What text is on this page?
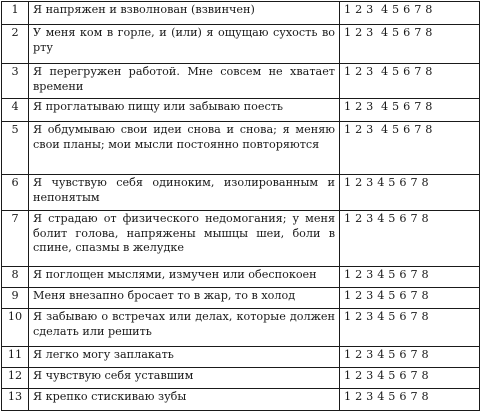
1	Я напряжен и взволнован (взвинчен)	1 2 3  4 5 6 7 8
2	У меня ком в горле, и (или) я ощущаю сухость во рту	1 2 3  4 5 6 7 8
3	Я перегружен работой. Мне совсем не хватает времени	1 2 3  4 5 6 7 8
4	Я проглатываю пищу или забываю поесть	1 2 3  4 5 6 7 8
5	Я обдумываю свои идеи снова и снова; я меняю свои планы; мои мысли постоянно повторяются	1 2 3  4 5 6 7 8
6	Я чувствую себя одиноким, изолированным и непонятым	1 2 3 4 5 6 7 8
7	Я страдаю от физического недомогания; у меня болит голова, напряжены мышцы шеи, боли в спине, спазмы в желудке	1 2 3 4 5 6 7 8
8	Я поглощен мыслями, измучен или обеспокоен	1 2 3 4 5 6 7 8
9	Меня внезапно бросает то в жар, то в холод	1 2 3 4 5 6 7 8
10	Я забываю о встречах или делах, которые должен сделать или решить	1 2 3 4 5 6 7 8
11	Я легко могу заплакать	1 2 3 4 5 6 7 8
12	Я чувствую себя уставшим	1 2 3 4 5 6 7 8
13	Я крепко стискиваю зубы	1 2 3 4 5 6 7 8
